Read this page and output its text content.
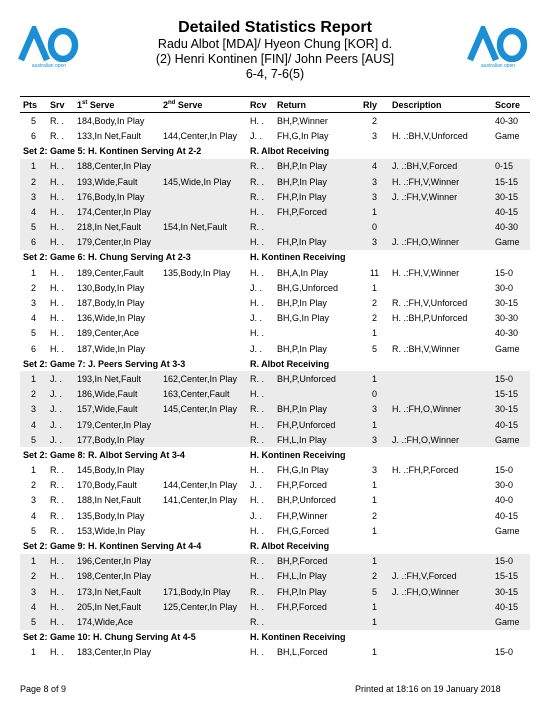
australian open	australian open
Detailed Statistics Report
Radu Albot [MDA]/ Hyeon Chung [KOR] d.
(2) Henri Kontinen [FIN]/ John Peers [AUS]
6-4, 7-6(5)
Pts	Srv	1st Serve	2nd Serve	Rcv	Return	Rly	Description	Score
5	R. .	184,Body,In Play		H. .	BH,P,Winner	2		40-30
6	R. .	133,In Net,Fault	144,Center,In Play	J. .	FH,G,In Play	3	H. .:BH,V,Unforced	Game
Set 2: Game 5: H. Kontinen Serving At 2-2				R. Albot Receiving				
1	H. .	188,Center,In Play		R. .	BH,P,In Play	4	J. .:BH,V,Forced	0-15
2	H. .	193,Wide,Fault	145,Wide,In Play	R. .	BH,P,In Play	3	H. .:FH,V,Winner	15-15
3	H. .	176,Body,In Play		R. .	FH,P,In Play	3	J. .:FH,V,Winner	30-15
4	H. .	174,Center,In Play		H. .	FH,P,Forced	1		40-15
5	H. .	218,In Net,Fault	154,In Net,Fault	R. .		0		40-30
6	H. .	179,Center,In Play		H. .	FH,P,In Play	3	J. .:FH,O,Winner	Game
Set 2: Game 6: H. Chung Serving At 2-3				H. Kontinen Receiving				
1	H. .	189,Center,Fault	135,Body,In Play	H. .	BH,A,In Play	11	H. .:FH,V,Winner	15-0
2	H. .	130,Body,In Play		J. .	BH,G,Unforced	1		30-0
3	H. .	187,Body,In Play		H. .	BH,P,In Play	2	R. .:FH,V,Unforced	30-15
4	H. .	136,Wide,In Play		J. .	BH,G,In Play	2	H. .:BH,P,Unforced	30-30
5	H. .	189,Center,Ace		H. .		1		40-30
6	H. .	187,Wide,In Play		J. .	BH,P,In Play	5	R. .:BH,V,Winner	Game
Set 2: Game 7: J. Peers Serving At 3-3				R. Albot Receiving				
1	J. .	193,In Net,Fault	162,Center,In Play	R. .	BH,P,Unforced	1		15-0
2	J. .	186,Wide,Fault	163,Center,Fault	H. .		0		15-15
3	J. .	157,Wide,Fault	145,Center,In Play	R. .	BH,P,In Play	3	H. .:FH,O,Winner	30-15
4	J. .	179,Center,In Play		H. .	FH,P,Unforced	1		40-15
5	J. .	177,Body,In Play		R. .	FH,L,In Play	3	J. .:FH,O,Winner	Game
Set 2: Game 8: R. Albot Serving At 3-4				H. Kontinen Receiving				
1	R. .	145,Body,In Play		H. .	FH,G,In Play	3	H. .:FH,P,Forced	15-0
2	R. .	170,Body,Fault	144,Center,In Play	J. .	FH,P,Forced	1		30-0
3	R. .	188,In Net,Fault	141,Center,In Play	H. .	BH,P,Unforced	1		40-0
4	R. .	135,Body,In Play		J. .	FH,P,Winner	2		40-15
5	R. .	153,Wide,In Play		H. .	FH,G,Forced	1		Game
Set 2: Game 9: H. Kontinen Serving At 4-4				R. Albot Receiving				
1	H. .	196,Center,In Play		R. .	BH,P,Forced	1		15-0
2	H. .	198,Center,In Play		H. .	FH,L,In Play	2	J. .:FH,V,Forced	15-15
3	H. .	173,In Net,Fault	171,Body,In Play	R. .	FH,P,In Play	5	J. .:FH,O,Winner	30-15
4	H. .	205,In Net,Fault	125,Center,In Play	H. .	FH,P,Forced	1		40-15
5	H. .	174,Wide,Ace		R. .		1		Game
Set 2: Game 10: H. Chung Serving At 4-5				H. Kontinen Receiving				
1	H. .	183,Center,In Play		H. .	BH,L,Forced	1		15-0
Page 8 of 9	Printed at 18:16 on 19 January 2018
